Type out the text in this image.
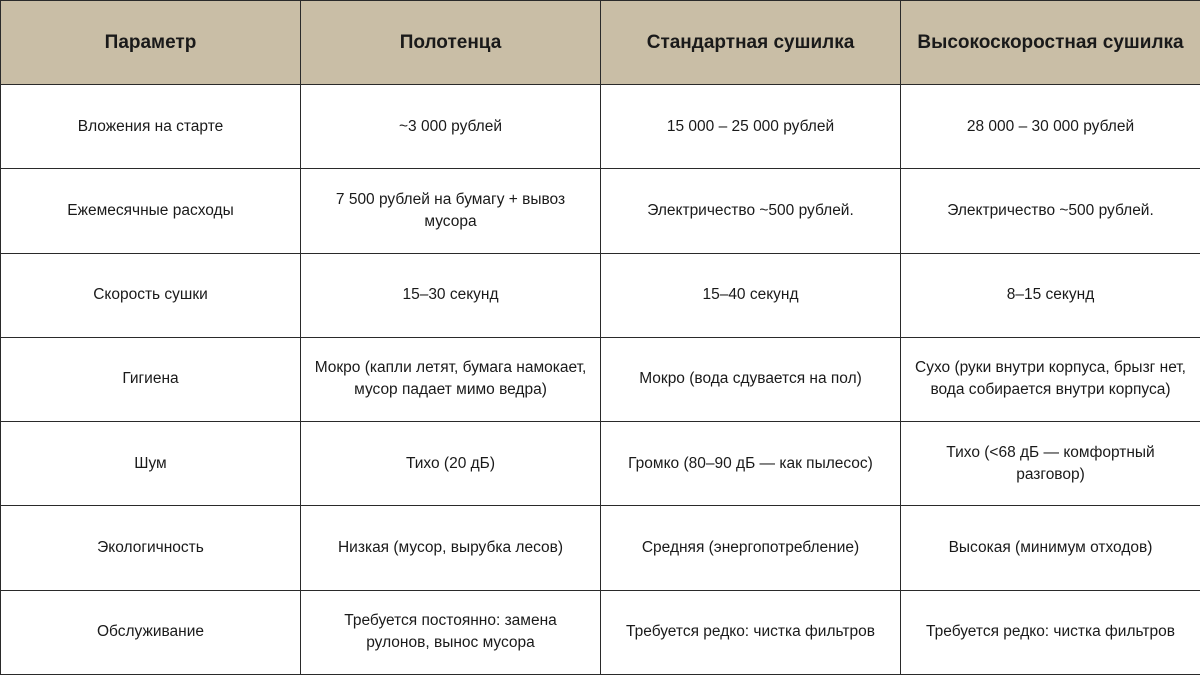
Параметр	Полотенца	Стандартная сушилка	Высокоскоростная сушилка
Вложения на старте	~3 000 рублей	15 000 – 25 000 рублей	28 000 – 30 000 рублей
Ежемесячные расходы	7 500 рублей на бумагу + вывоз мусора	Электричество ~500 рублей.	Электричество ~500 рублей.
Скорость сушки	15–30 секунд	15–40 секунд	8–15 секунд
Гигиена	Мокро (капли летят, бумага намокает, мусор падает мимо ведра)	Мокро (вода сдувается на пол)	Сухо (руки внутри корпуса, брызг нет, вода собирается внутри корпуса)
Шум	Тихо (20 дБ)	Громко (80–90 дБ — как пылесос)	Тихо (<68 дБ — комфортный разговор)
Экологичность	Низкая (мусор, вырубка лесов)	Средняя (энергопотребление)	Высокая (минимум отходов)
Обслуживание	Требуется постоянно: замена рулонов, вынос мусора	Требуется редко: чистка фильтров	Требуется редко: чистка фильтров
